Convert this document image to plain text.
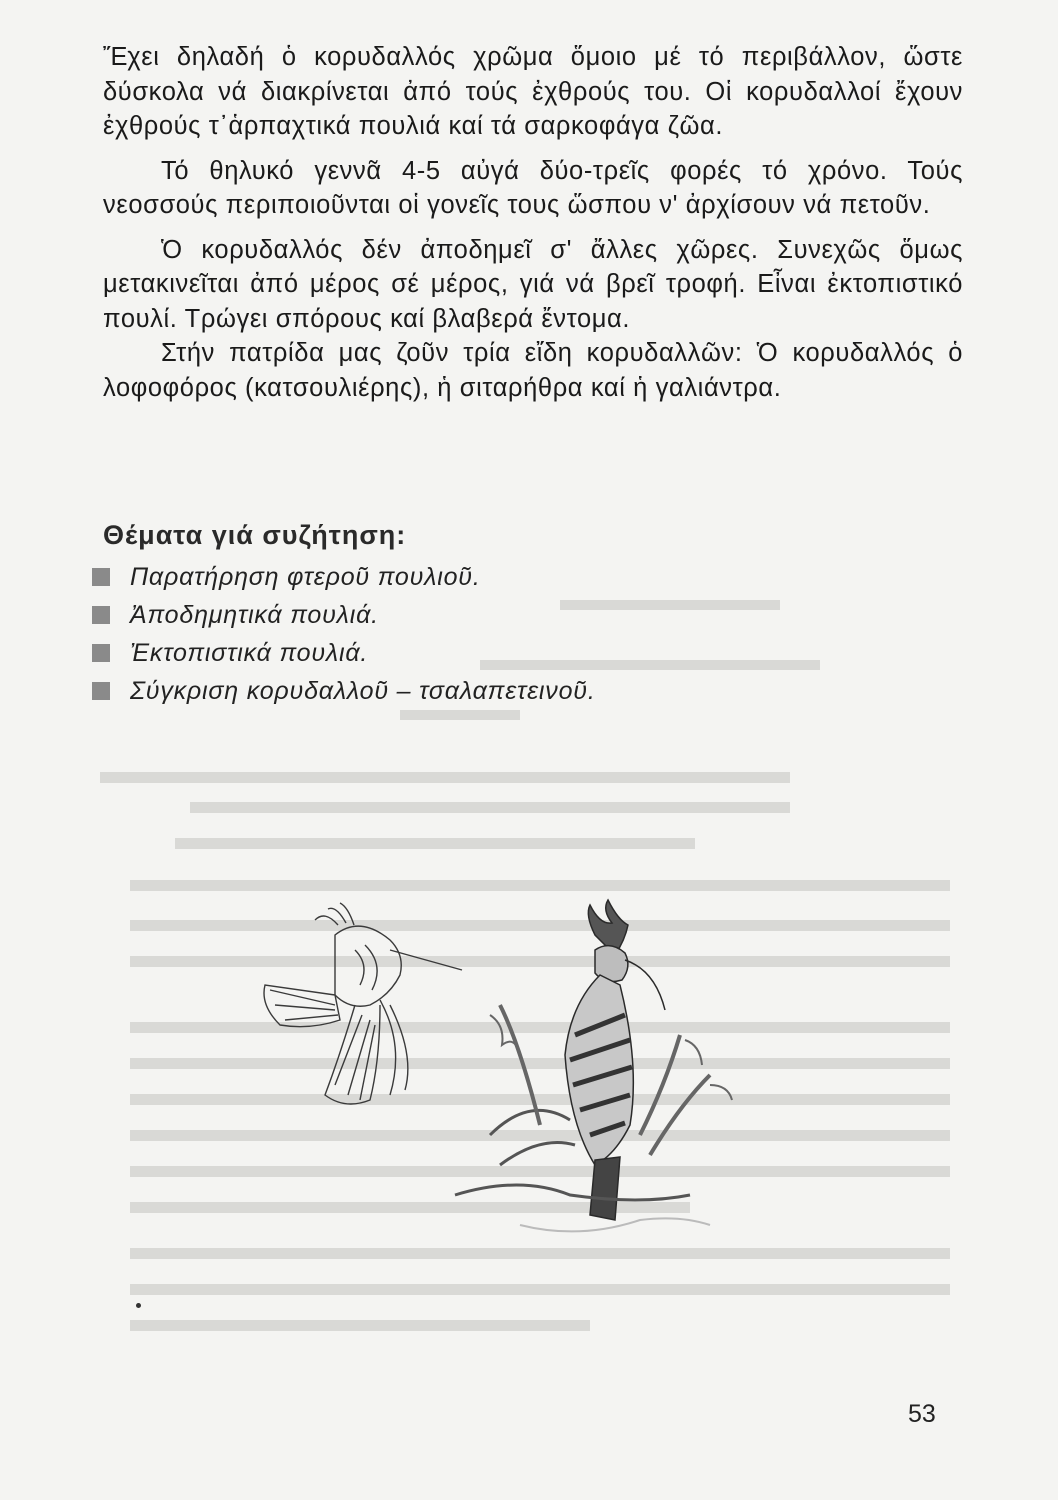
Ἔχει δηλαδή ὁ κορυδαλλός χρῶμα ὅμοιο μέ τό περιβάλλον, ὥστε δύσκολα νά διακρίνεται ἀπό τούς ἐχθρούς του. Οἱ κορυδαλλοί ἔχουν ἐχθρούς τ᾿ἁρπαχτικά πουλιά καί τά σαρκοφάγα ζῶα.

Τό θηλυκό γεννᾶ 4-5 αὐγά δύο-τρεῖς φορές τό χρόνο. Τούς νεοσσούς περιποιοῦνται οἱ γονεῖς τους ὥσπου ν' ἀρχίσουν νά πετοῦν.

Ὁ κορυδαλλός δέν ἀποδημεῖ σ' ἄλλες χῶρες. Συνεχῶς ὅμως μετακινεῖται ἀπό μέρος σέ μέρος, γιά νά βρεῖ τροφή. Εἶναι ἐκτοπιστικό πουλί. Τρώγει σπόρους καί βλαβερά ἔντομα.

Στήν πατρίδα μας ζοῦν τρία εἴδη κορυδαλλῶν: Ὁ κορυδαλλός ὁ λοφοφόρος (κατσουλιέρης), ἡ σιταρήθρα καί ἡ γαλιάντρα.

Θέματα γιά συζήτηση:
Παρατήρηση φτεροῦ πουλιοῦ.
Ἀποδημητικά πουλιά.
Ἐκτοπιστικά πουλιά.
Σύγκριση κορυδαλλοῦ – τσαλαπετεινοῦ.
53
